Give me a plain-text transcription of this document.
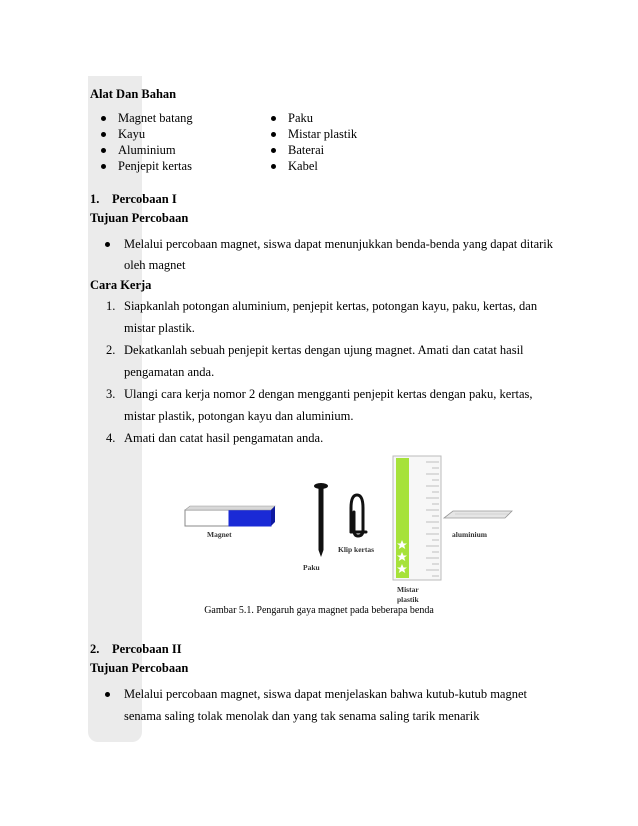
Alat Dan Bahan
Magnet batang
Kayu
Aluminium
Penjepit kertas
Paku
Mistar plastik
Baterai
Kabel
1. Percobaan I
Tujuan Percobaan
Melalui percobaan magnet, siswa dapat menunjukkan benda-benda yang dapat ditarik
oleh magnet
Cara Kerja
1. Siapkanlah potongan aluminium, penjepit kertas, potongan kayu, paku, kertas, dan
mistar plastik.
2. Dekatkanlah sebuah penjepit kertas dengan ujung magnet. Amati dan catat hasil
pengamatan anda.
3. Ulangi cara kerja nomor 2 dengan mengganti penjepit kertas dengan paku, kertas,
mistar plastik, potongan kayu dan aluminium.
4. Amati dan catat hasil pengamatan anda.
Magnet
Paku
Klip kertas
Mistar
plastik
aluminium
Gambar 5.1. Pengaruh gaya magnet pada beberapa benda
2. Percobaan II
Tujuan Percobaan
Melalui percobaan magnet, siswa dapat menjelaskan bahwa kutub-kutub magnet
senama saling tolak menolak dan yang tak senama saling tarik menarik
